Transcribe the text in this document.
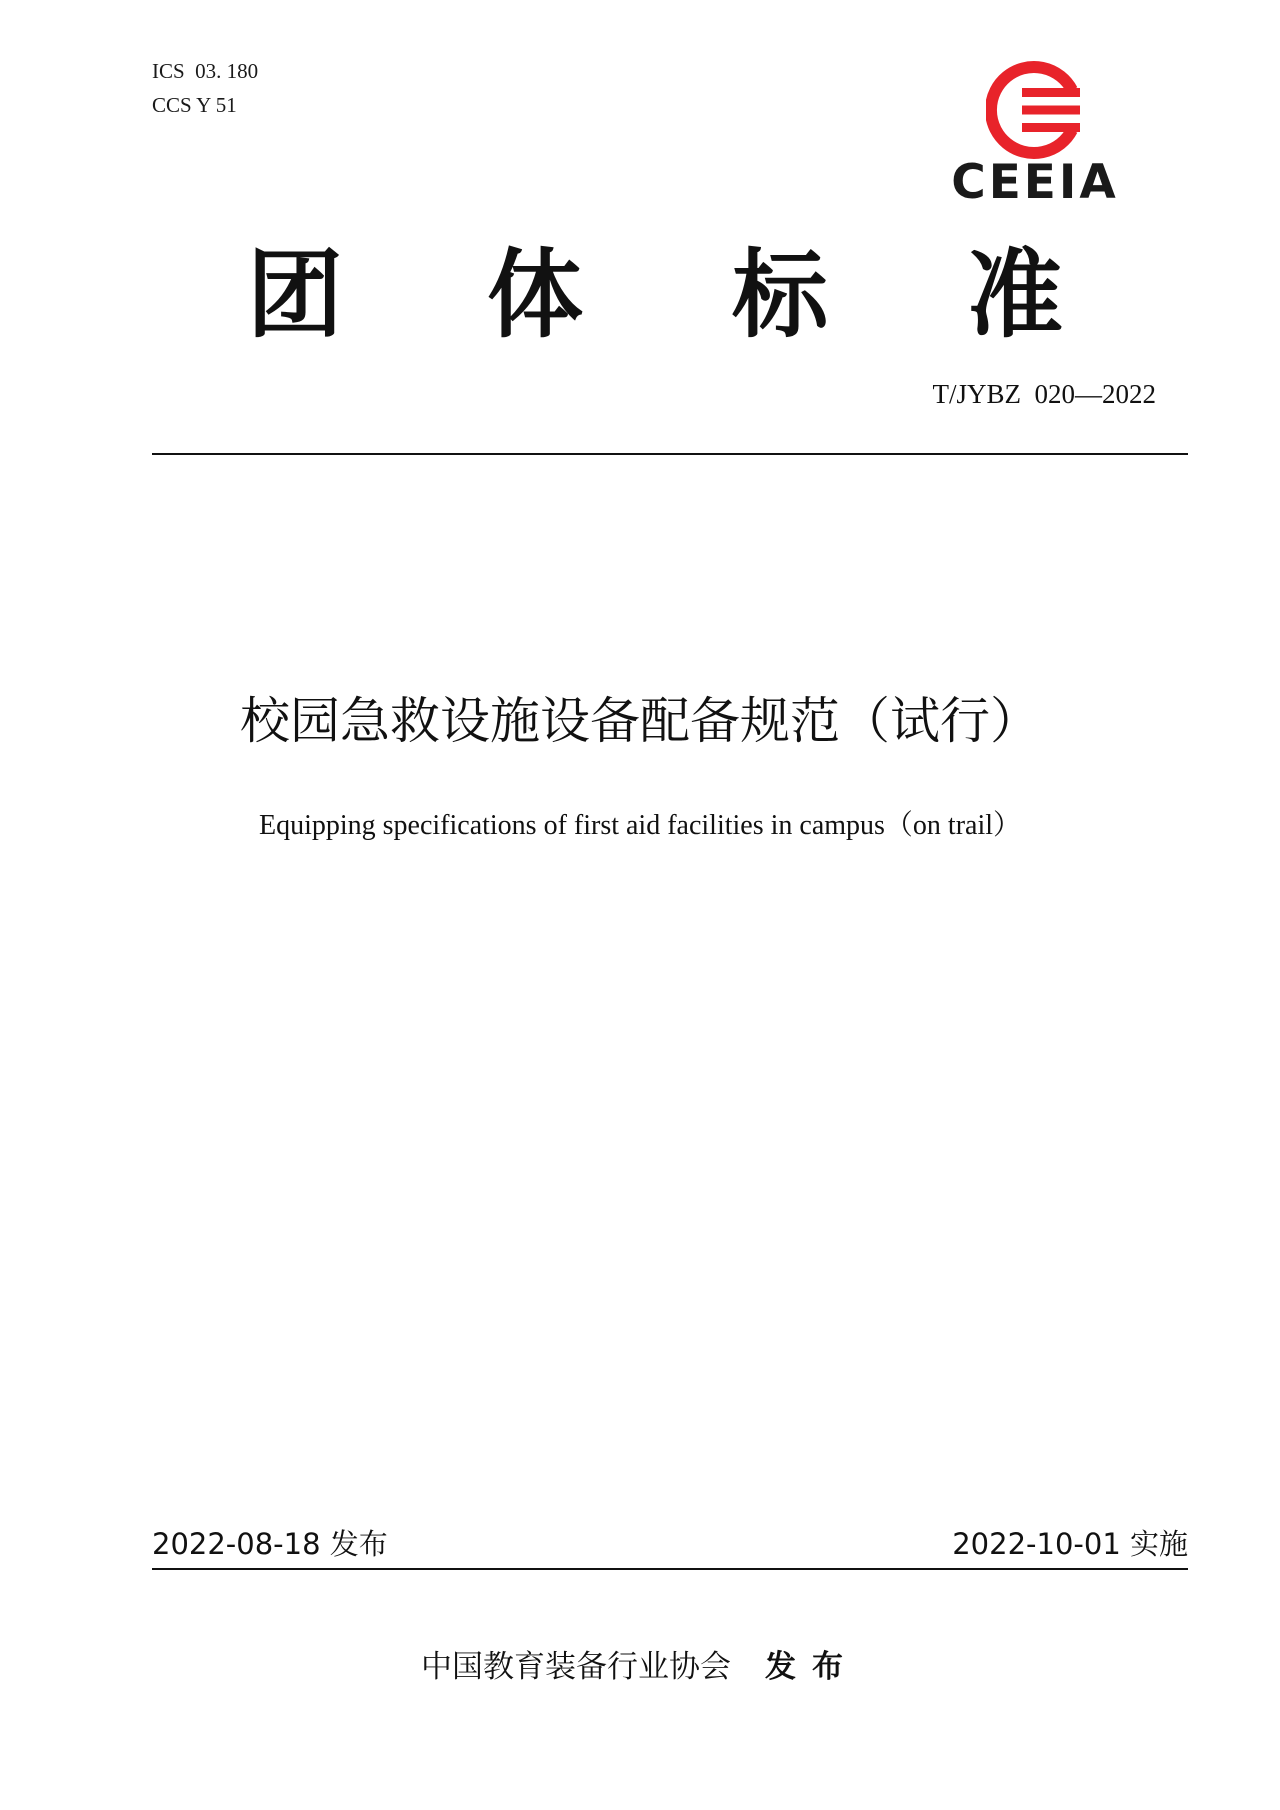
ICS  03. 180
CCS Y 51
CEEIA
团 体 标 准
T/JYBZ  020—2022
校园急救设施设备配备规范（试行）
Equipping specifications of first aid facilities in campus（on trail）
2022-08-18 发布	2022-10-01 实施
中国教育装备行业协会 发布
